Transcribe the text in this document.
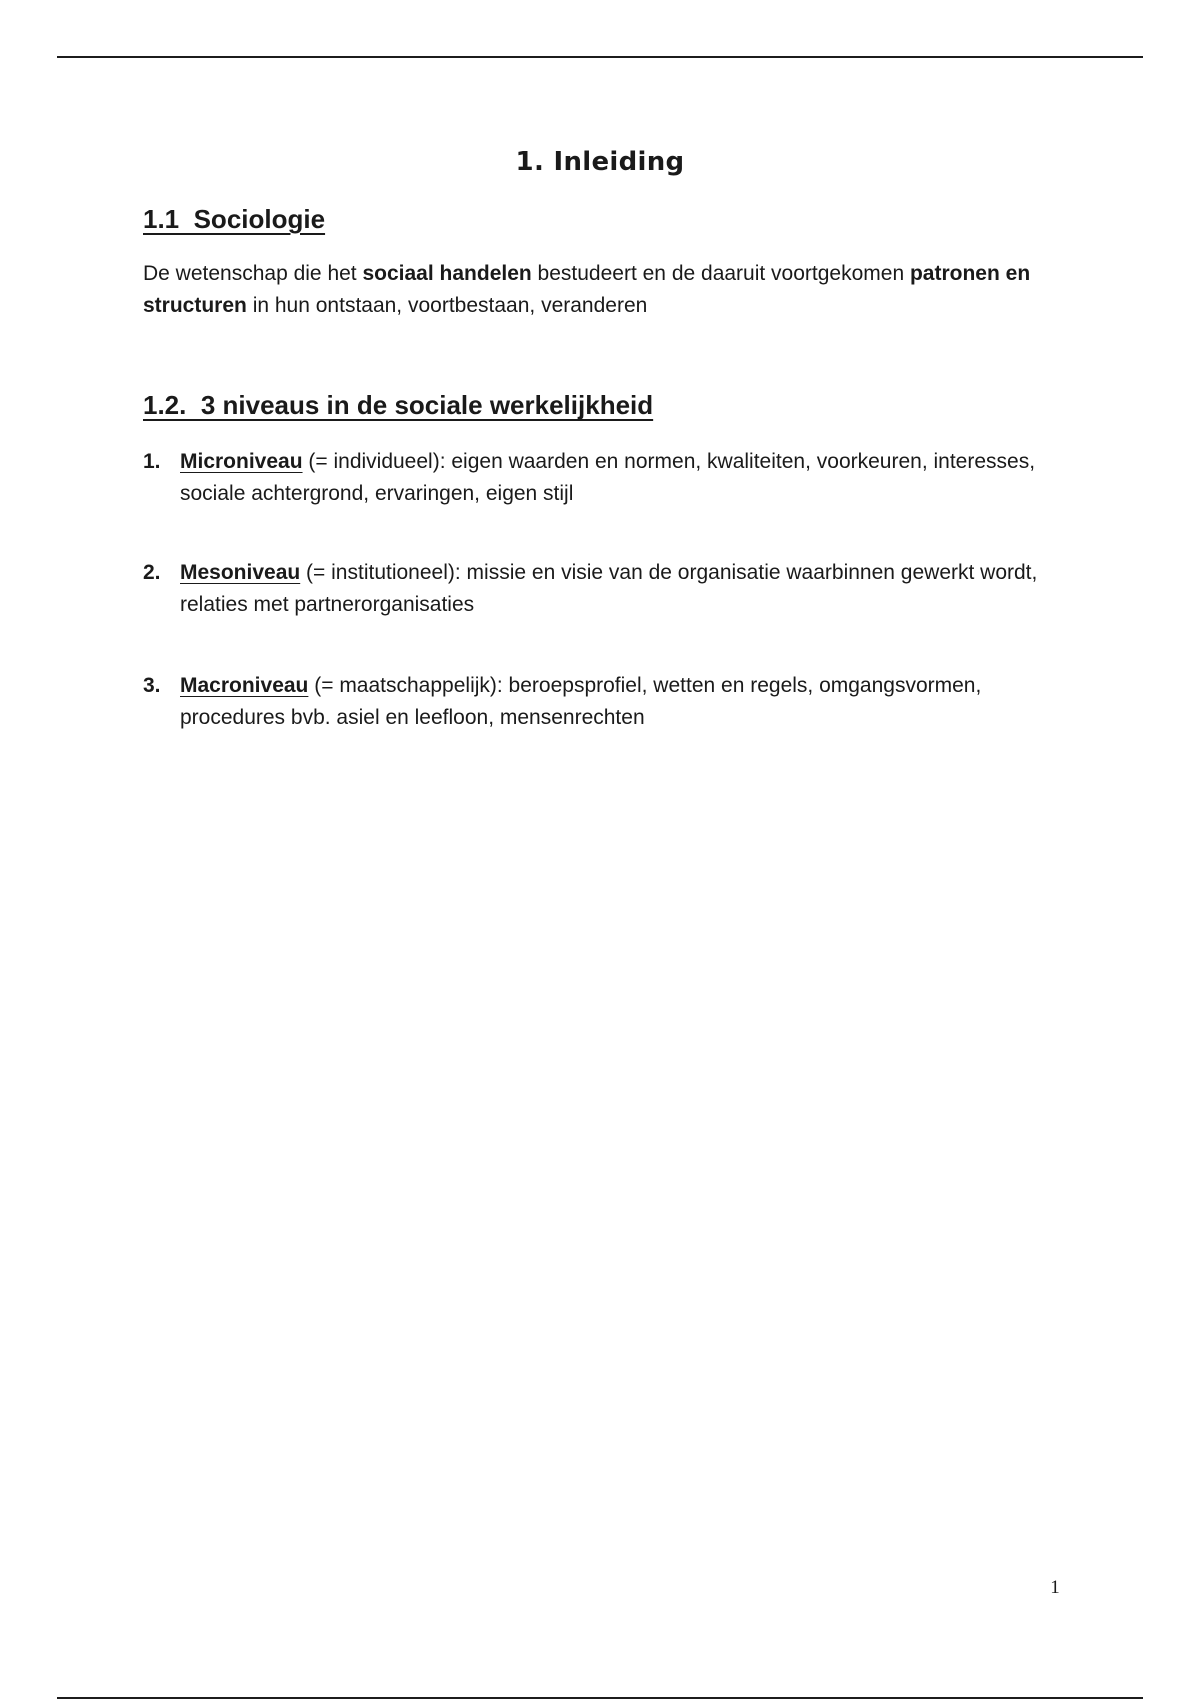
1. Inleiding
1.1  Sociologie

De wetenschap die het sociaal handelen bestudeert en de daaruit voortgekomen patronen en structuren in hun ontstaan, voortbestaan, veranderen

1.2.  3 niveaus in de sociale werkelijkheid
1. Microniveau (= individueel): eigen waarden en normen, kwaliteiten, voorkeuren, interesses, sociale achtergrond, ervaringen, eigen stijl
2. Mesoniveau (= institutioneel): missie en visie van de organisatie waarbinnen gewerkt wordt, relaties met partnerorganisaties
3. Macroniveau (= maatschappelijk): beroepsprofiel, wetten en regels, omgangsvormen, procedures bvb. asiel en leefloon, mensenrechten
1
